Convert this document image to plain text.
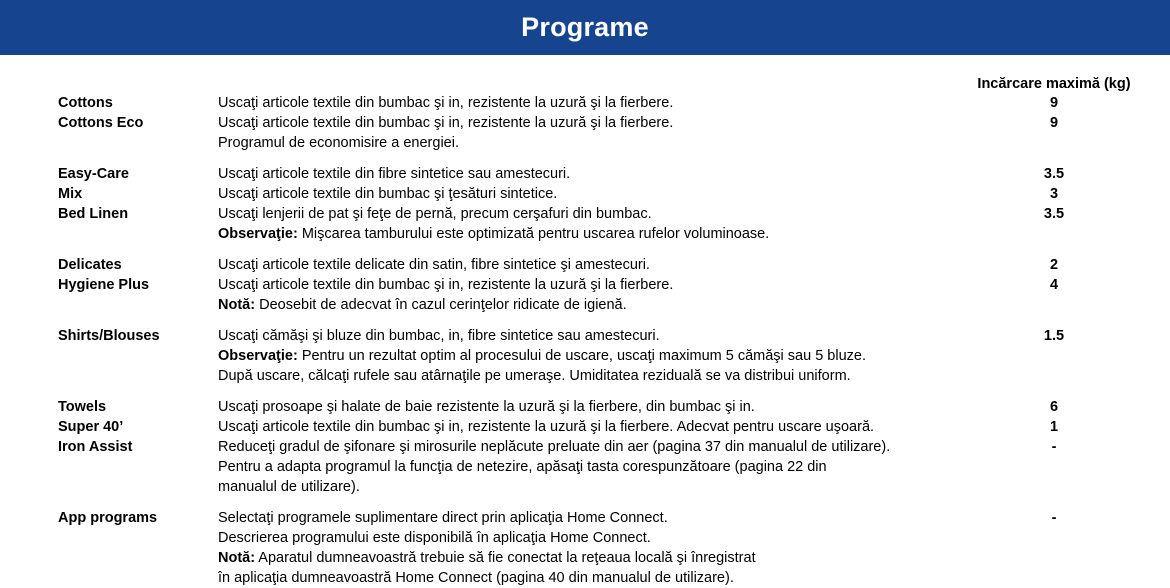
Programe
Incărcare maximă (kg)
Cottons	9
Uscaţi articole textile din bumbac şi in, rezistente la uzură şi la fierbere.
Cottons Eco	9
Uscaţi articole textile din bumbac şi in, rezistente la uzură şi la fierbere.
Programul de economisire a energiei.
Easy-Care	3.5
Uscaţi articole textile din fibre sintetice sau amestecuri.
Mix	3
Uscaţi articole textile din bumbac şi ţesături sintetice.
Bed Linen	3.5
Uscaţi lenjerii de pat şi feţe de pernă, precum cerşafuri din bumbac.
Observaţie: Mişcarea tamburului este optimizată pentru uscarea rufelor voluminoase.
Delicates	2
Uscaţi articole textile delicate din satin, fibre sintetice şi amestecuri.
Hygiene Plus	4
Uscaţi articole textile din bumbac şi in, rezistente la uzură şi la fierbere.
Notă: Deosebit de adecvat în cazul cerinţelor ridicate de igienă.
Shirts/Blouses	1.5
Uscaţi cămăşi şi bluze din bumbac, in, fibre sintetice sau amestecuri.
Observaţie: Pentru un rezultat optim al procesului de uscare, uscaţi maximum 5 cămăşi sau 5 bluze.
După uscare, călcaţi rufele sau atârnaţile pe umeraşe. Umiditatea reziduală se va distribui uniform.
Towels	6
Uscaţi prosoape şi halate de baie rezistente la uzură şi la fierbere, din bumbac şi in.
Super 40’	1
Uscaţi articole textile din bumbac şi in, rezistente la uzură şi la fierbere. Adecvat pentru uscare uşoară.
Iron Assist	-
Reduceţi gradul de şifonare şi mirosurile neplăcute preluate din aer (pagina 37 din manualul de utilizare).
Pentru a adapta programul la funcţia de netezire, apăsaţi tasta corespunzătoare (pagina 22 din
manualul de utilizare).
App programs	-
Selectaţi programele suplimentare direct prin aplicaţia Home Connect.
Descrierea programului este disponibilă în aplicaţia Home Connect.
Notă: Aparatul dumneavoastră trebuie să fie conectat la reţeaua locală şi înregistrat
în aplicaţia dumneavoastră Home Connect (pagina 40 din manualul de utilizare).
